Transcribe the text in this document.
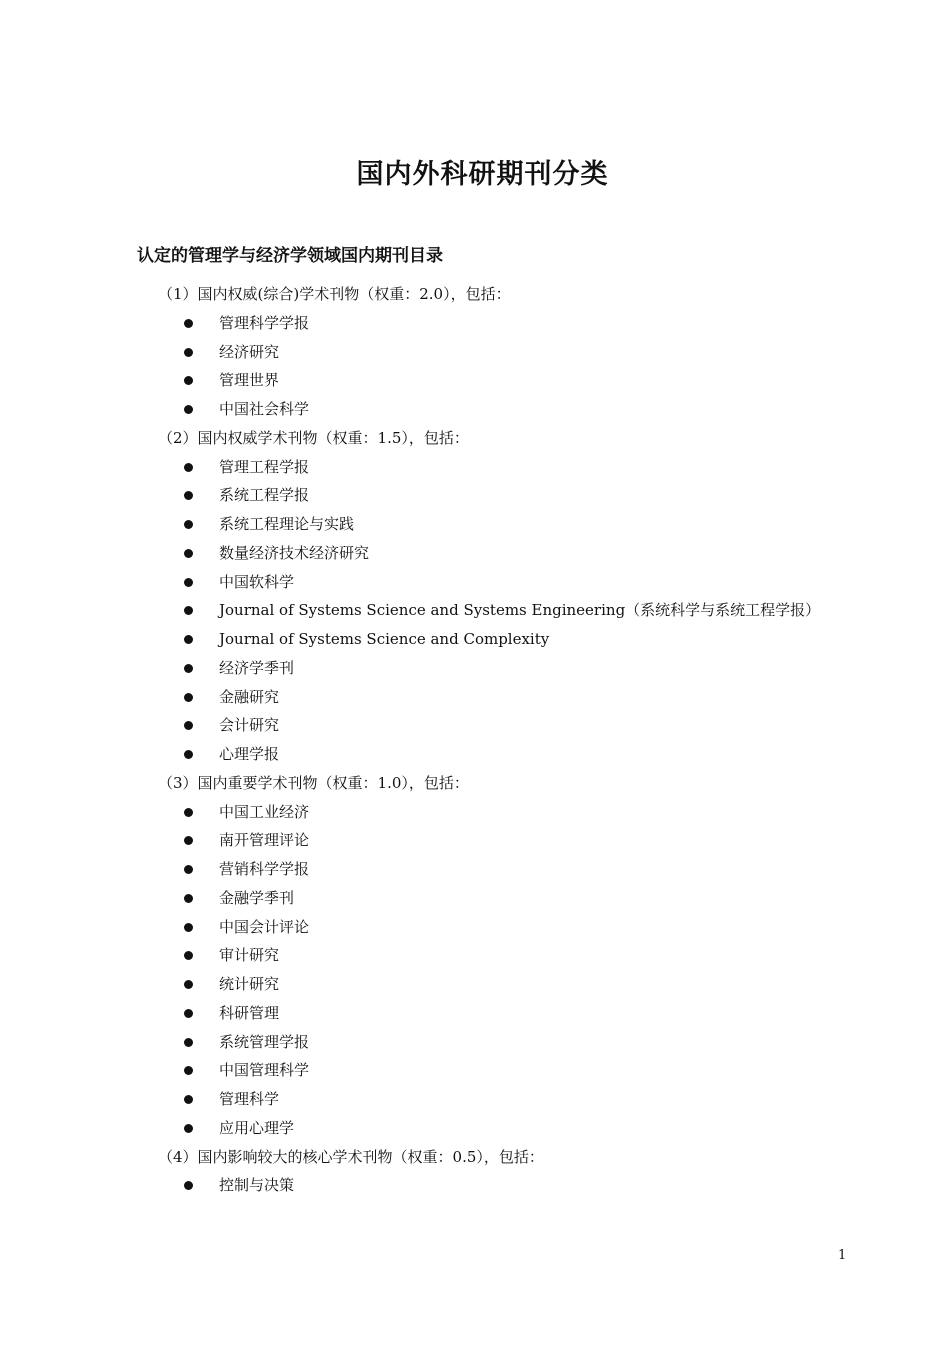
国内外科研期刊分类
认定的管理学与经济学领域国内期刊目录
（1）国内权威(综合)学术刊物（权重：2.0），包括：
管理科学学报
经济研究
管理世界
中国社会科学
（2）国内权威学术刊物（权重：1.5），包括：
管理工程学报
系统工程学报
系统工程理论与实践
数量经济技术经济研究
中国软科学
Journal of Systems Science and Systems Engineering（系统科学与系统工程学报）
Journal of Systems Science and Complexity
经济学季刊
金融研究
会计研究
心理学报
（3）国内重要学术刊物（权重：1.0），包括：
中国工业经济
南开管理评论
营销科学学报
金融学季刊
中国会计评论
审计研究
统计研究
科研管理
系统管理学报
中国管理科学
管理科学
应用心理学
（4）国内影响较大的核心学术刊物（权重：0.5），包括：
控制与决策
1
